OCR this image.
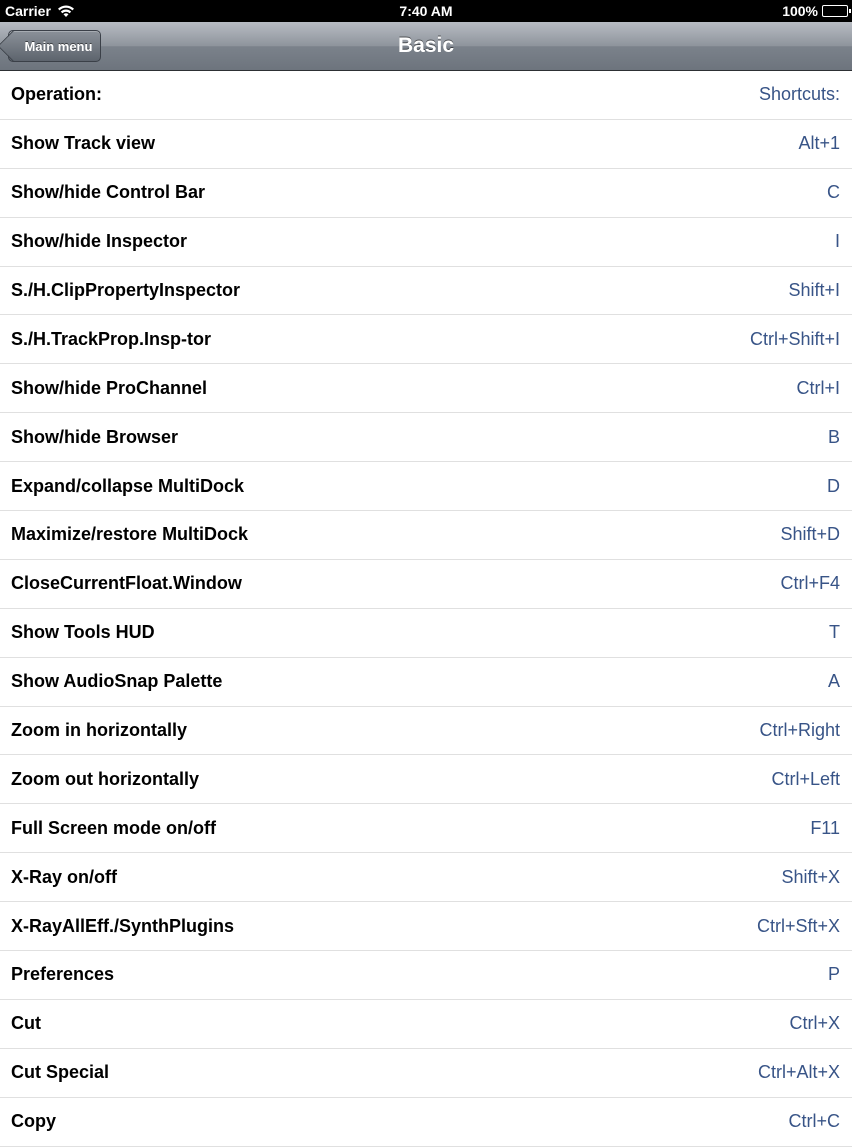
Carrier	7:40 AM	100%
Main menu	Basic
Operation:	Shortcuts:
Show Track view	Alt+1
Show/hide Control Bar	C
Show/hide Inspector	I
S./H.ClipPropertyInspector	Shift+I
S./H.TrackProp.Insp-tor	Ctrl+Shift+I
Show/hide ProChannel	Ctrl+I
Show/hide Browser	B
Expand/collapse MultiDock	D
Maximize/restore MultiDock	Shift+D
CloseCurrentFloat.Window	Ctrl+F4
Show Tools HUD	T
Show AudioSnap Palette	A
Zoom in horizontally	Ctrl+Right
Zoom out horizontally	Ctrl+Left
Full Screen mode on/off	F11
X-Ray on/off	Shift+X
X-RayAllEff./SynthPlugins	Ctrl+Sft+X
Preferences	P
Cut	Ctrl+X
Cut Special	Ctrl+Alt+X
Copy	Ctrl+C
